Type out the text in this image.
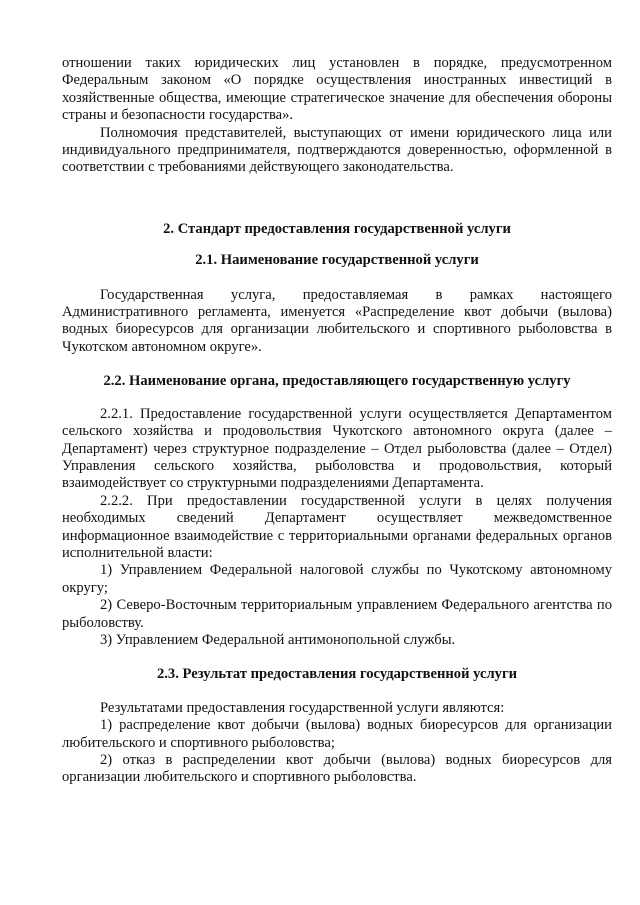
отношении таких юридических лиц установлен в порядке, предусмотренном Федеральным законом «О порядке осуществления иностранных инвестиций в хозяйственные общества, имеющие стратегическое значение для обеспечения обороны страны и безопасности государства».

Полномочия представителей, выступающих от имени юридического лица или индивидуального предпринимателя, подтверждаются доверенностью, оформленной в соответствии с требованиями действующего законодательства.

2. Стандарт предоставления государственной услуги

2.1. Наименование государственной услуги

Государственная услуга, предоставляемая в рамках настоящего Административного регламента, именуется «Распределение квот добычи (вылова) водных биоресурсов для организации любительского и спортивного рыболовства в Чукотском автономном округе».

2.2. Наименование органа, предоставляющего государственную услугу

2.2.1. Предоставление государственной услуги осуществляется Департаментом сельского хозяйства и продовольствия Чукотского автономного округа (далее – Департамент) через структурное подразделение – Отдел рыболовства (далее – Отдел) Управления сельского хозяйства, рыболовства и продовольствия, который взаимодействует со структурными подразделениями Департамента.

2.2.2. При предоставлении государственной услуги в целях получения необходимых сведений Департамент осуществляет межведомственное информационное взаимодействие с территориальными органами федеральных органов исполнительной власти:

1) Управлением Федеральной налоговой службы по Чукотскому автономному округу;

2) Северо-Восточным территориальным управлением Федерального агентства по рыболовству.

3) Управлением Федеральной антимонопольной службы.

2.3. Результат предоставления государственной услуги

Результатами предоставления государственной услуги являются:

1) распределение квот добычи (вылова) водных биоресурсов для организации любительского и спортивного рыболовства;

2) отказ в распределении квот добычи (вылова) водных биоресурсов для организации любительского и спортивного рыболовства.
